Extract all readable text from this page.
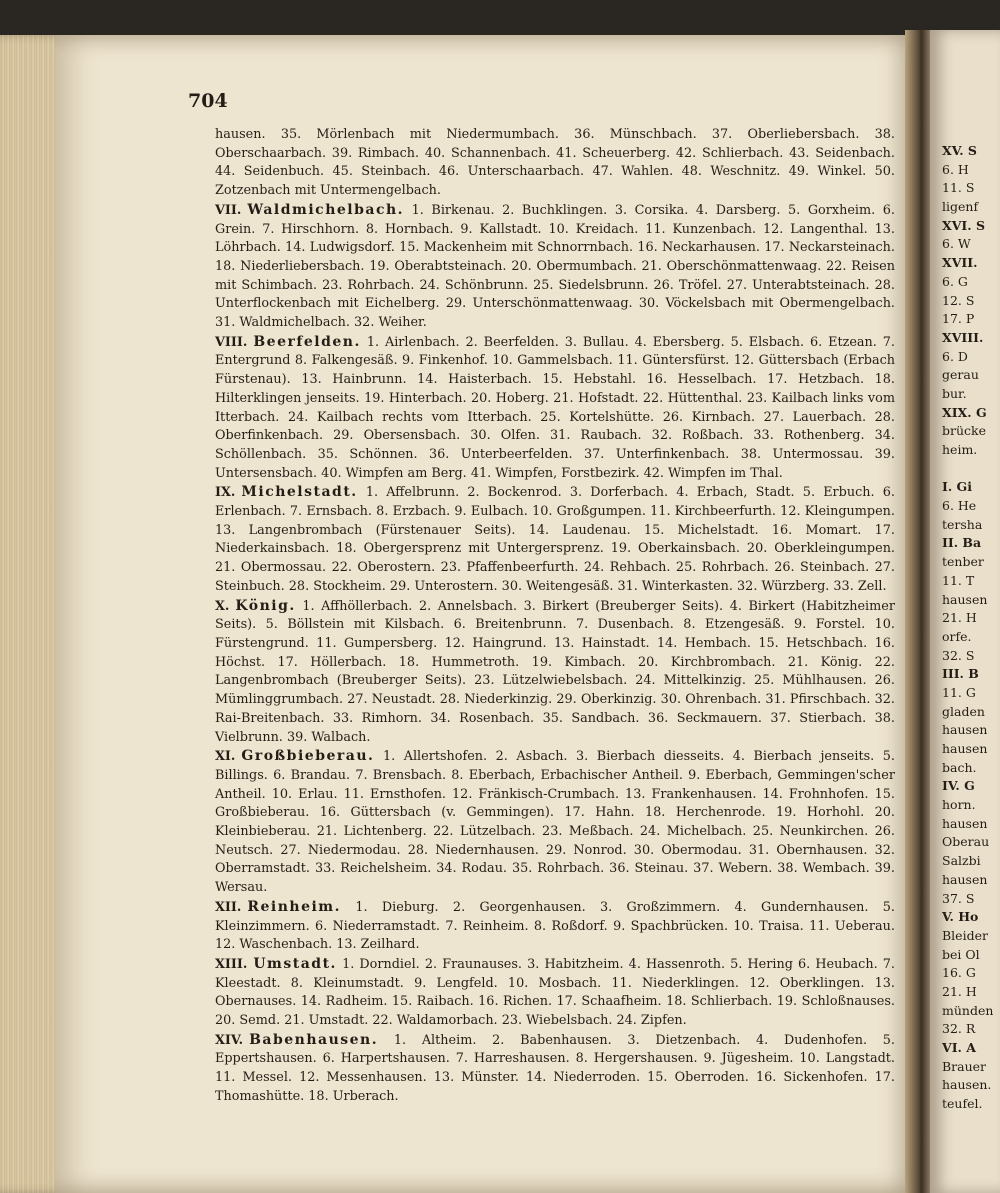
704

hausen. 35. Mörlenbach mit Niedermumbach. 36. Münschbach. 37. Oberliebersbach. 38. Oberschaarbach. 39. Rimbach. 40. Schannenbach. 41. Scheuerberg. 42. Schlierbach. 43. Seidenbach. 44. Seidenbuch. 45. Steinbach. 46. Unterschaarbach. 47. Wahlen. 48. Weschnitz. 49. Winkel. 50. Zotzenbach mit Untermengelbach.

VII. Waldmichelbach. 1. Birkenau. 2. Buchklingen. 3. Corsika. 4. Darsberg. 5. Gorxheim. 6. Grein. 7. Hirschhorn. 8. Hornbach. 9. Kallstadt. 10. Kreidach. 11. Kunzenbach. 12. Langenthal. 13. Löhrbach. 14. Ludwigsdorf. 15. Mackenheim mit Schnorrnbach. 16. Neckarhausen. 17. Neckarsteinach. 18. Niederliebersbach. 19. Oberabtsteinach. 20. Obermumbach. 21. Oberschönmattenwaag. 22. Reisen mit Schimbach. 23. Rohrbach. 24. Schönbrunn. 25. Siedelsbrunn. 26. Tröfel. 27. Unterabtsteinach. 28. Unterflockenbach mit Eichelberg. 29. Unterschönmattenwaag. 30. Vöckelsbach mit Obermengelbach. 31. Waldmichelbach. 32. Weiher.

VIII. Beerfelden. 1. Airlenbach. 2. Beerfelden. 3. Bullau. 4. Ebersberg. 5. Elsbach. 6. Etzean. 7. Entergrund 8. Falkengesäß. 9. Finkenhof. 10. Gammelsbach. 11. Güntersfürst. 12. Güttersbach (Erbach Fürstenau). 13. Hainbrunn. 14. Haisterbach. 15. Hebstahl. 16. Hesselbach. 17. Hetzbach. 18. Hilterklingen jenseits. 19. Hinterbach. 20. Hoberg. 21. Hofstadt. 22. Hüttenthal. 23. Kailbach links vom Itterbach. 24. Kailbach rechts vom Itterbach. 25. Kortelshütte. 26. Kirnbach. 27. Lauerbach. 28. Oberfinkenbach. 29. Obersensbach. 30. Olfen. 31. Raubach. 32. Roßbach. 33. Rothenberg. 34. Schöllenbach. 35. Schönnen. 36. Unterbeerfelden. 37. Unterfinkenbach. 38. Untermossau. 39. Untersensbach. 40. Wimpfen am Berg. 41. Wimpfen, Forstbezirk. 42. Wimpfen im Thal.

IX. Michelstadt. 1. Affelbrunn. 2. Bockenrod. 3. Dorferbach. 4. Erbach, Stadt. 5. Erbuch. 6. Erlenbach. 7. Ernsbach. 8. Erzbach. 9. Eulbach. 10. Großgumpen. 11. Kirchbeerfurth. 12. Kleingumpen. 13. Langenbrombach (Fürstenauer Seits). 14. Laudenau. 15. Michelstadt. 16. Momart. 17. Niederkainsbach. 18. Obergersprenz mit Untergersprenz. 19. Oberkainsbach. 20. Oberkleingumpen. 21. Obermossau. 22. Oberostern. 23. Pfaffenbeerfurth. 24. Rehbach. 25. Rohrbach. 26. Steinbach. 27. Steinbuch. 28. Stockheim. 29. Unterostern. 30. Weitengesäß. 31. Winterkasten. 32. Würzberg. 33. Zell.

X. König. 1. Affhöllerbach. 2. Annelsbach. 3. Birkert (Breuberger Seits). 4. Birkert (Habitzheimer Seits). 5. Böllstein mit Kilsbach. 6. Breitenbrunn. 7. Dusenbach. 8. Etzengesäß. 9. Forstel. 10. Fürstengrund. 11. Gumpersberg. 12. Haingrund. 13. Hainstadt. 14. Hembach. 15. Hetschbach. 16. Höchst. 17. Höllerbach. 18. Hummetroth. 19. Kimbach. 20. Kirchbrombach. 21. König. 22. Langenbrombach (Breuberger Seits). 23. Lützelwiebelsbach. 24. Mittelkinzig. 25. Mühlhausen. 26. Mümlinggrumbach. 27. Neustadt. 28. Niederkinzig. 29. Oberkinzig. 30. Ohrenbach. 31. Pfirschbach. 32. Rai-Breitenbach. 33. Rimhorn. 34. Rosenbach. 35. Sandbach. 36. Seckmauern. 37. Stierbach. 38. Vielbrunn. 39. Walbach.

XI. Großbieberau. 1. Allertshofen. 2. Asbach. 3. Bierbach diesseits. 4. Bierbach jenseits. 5. Billings. 6. Brandau. 7. Brensbach. 8. Eberbach, Erbachischer Antheil. 9. Eberbach, Gemmingen'scher Antheil. 10. Erlau. 11. Ernsthofen. 12. Fränkisch-Crumbach. 13. Frankenhausen. 14. Frohnhofen. 15. Großbieberau. 16. Güttersbach (v. Gemmingen). 17. Hahn. 18. Herchenrode. 19. Horhohl. 20. Kleinbieberau. 21. Lichtenberg. 22. Lützelbach. 23. Meßbach. 24. Michelbach. 25. Neunkirchen. 26. Neutsch. 27. Niedermodau. 28. Niedernhausen. 29. Nonrod. 30. Obermodau. 31. Obernhausen. 32. Oberramstadt. 33. Reichelsheim. 34. Rodau. 35. Rohrbach. 36. Steinau. 37. Webern. 38. Wembach. 39. Wersau.

XII. Reinheim. 1. Dieburg. 2. Georgenhausen. 3. Großzimmern. 4. Gundernhausen. 5. Kleinzimmern. 6. Niederramstadt. 7. Reinheim. 8. Roßdorf. 9. Spachbrücken. 10. Traisa. 11. Ueberau. 12. Waschenbach. 13. Zeilhard.

XIII. Umstadt. 1. Dorndiel. 2. Fraunauses. 3. Habitzheim. 4. Hassenroth. 5. Hering 6. Heubach. 7. Kleestadt. 8. Kleinumstadt. 9. Lengfeld. 10. Mosbach. 11. Niederklingen. 12. Oberklingen. 13. Obernauses. 14. Radheim. 15. Raibach. 16. Richen. 17. Schaafheim. 18. Schlierbach. 19. Schloßnauses. 20. Semd. 21. Umstadt. 22. Waldamorbach. 23. Wiebelsbach. 24. Zipfen.

XIV. Babenhausen. 1. Altheim. 2. Babenhausen. 3. Dietzenbach. 4. Dudenhofen. 5. Eppertshausen. 6. Harpertshausen. 7. Harreshausen. 8. Hergershausen. 9. Jügesheim. 10. Langstadt. 11. Messel. 12. Messenhausen. 13. Münster. 14. Niederroden. 15. Oberroden. 16. Sickenhofen. 17. Thomashütte. 18. Urberach.

XV. S
6. H
11. S
ligenf
XVI. S
6. W
XVII.
6. G
12. S
17. P
XVIII.
6. D
gerau
bur.
XIX. G
brücke
heim.
I. Gi
6. He
tersha
II. Ba
tenber
11. T
hausen
21. H
orfe.
32. S
III. B
11. G
gladen
hausen
hausen
bach.
IV. G
horn.
hausen
Oberau
Salzbi
hausen
37. S
V. Ho
Bleider
bei Ol
16. G
21. H
münden
32. R
VI. A
Brauer
hausen.
teufel.
